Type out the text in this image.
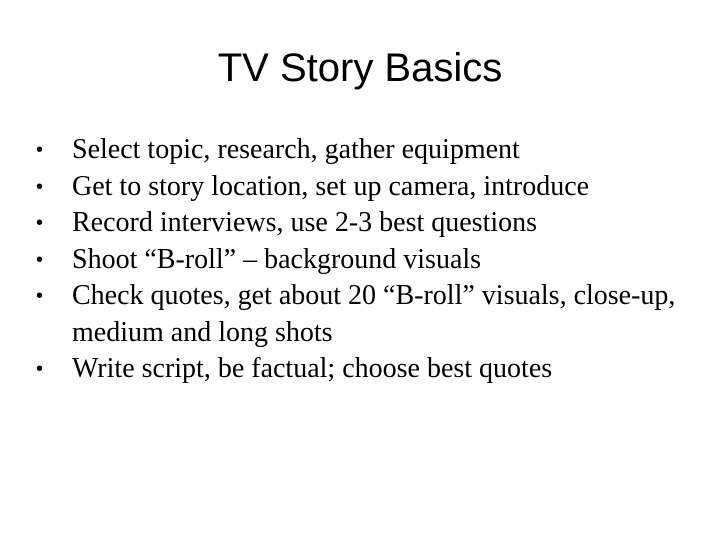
TV Story Basics
•	Select topic, research, gather equipment
•	Get to story location, set up camera, introduce
•	Record interviews, use 2-3 best questions
•	Shoot “B-roll” – background visuals
•	Check quotes, get about 20 “B-roll” visuals, close-up, medium and long shots
•	Write script, be factual; choose best quotes
